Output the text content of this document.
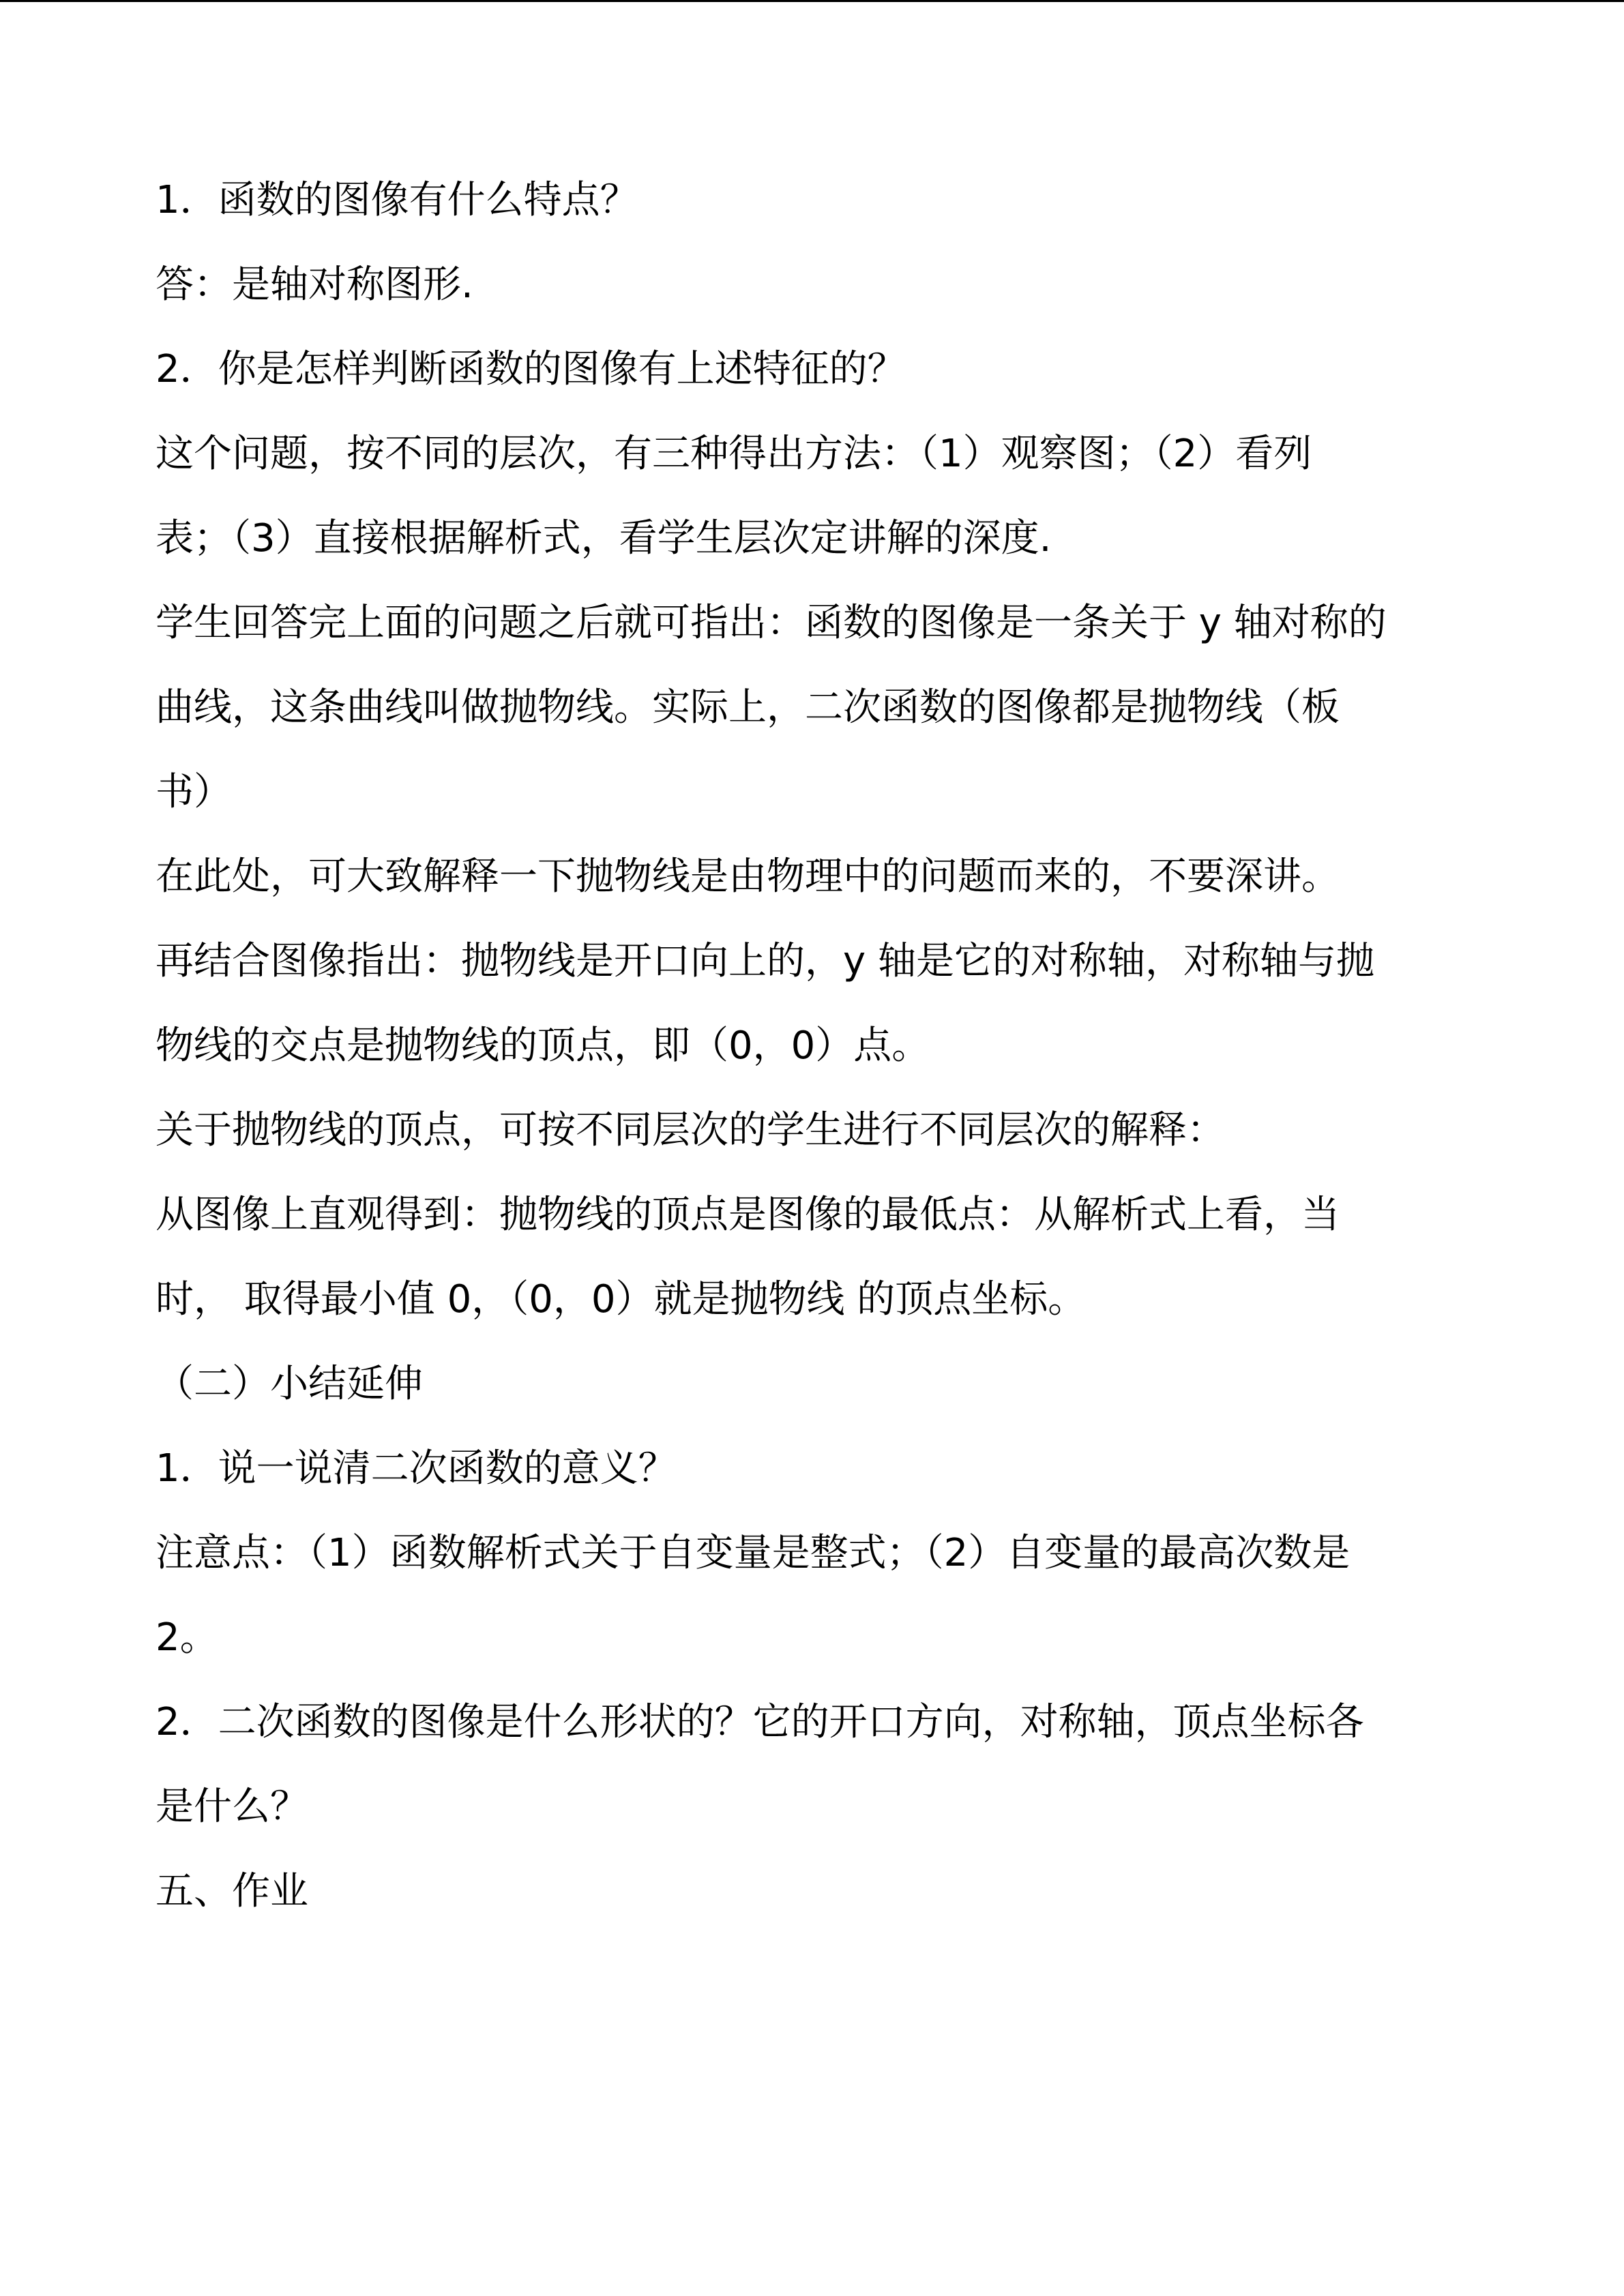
1．函数的图像有什么特点？
答：是轴对称图形.
2．你是怎样判断函数的图像有上述特征的？
这个问题，按不同的层次，有三种得出方法：（1）观察图；（2）看列
表；（3）直接根据解析式，看学生层次定讲解的深度.
学生回答完上面的问题之后就可指出：函数的图像是一条关于 y 轴对称的
曲线，这条曲线叫做抛物线。实际上，二次函数的图像都是抛物线（板
书）
在此处，可大致解释一下抛物线是由物理中的问题而来的，不要深讲。
再结合图像指出：抛物线是开口向上的，y 轴是它的对称轴，对称轴与抛
物线的交点是抛物线的顶点，即（0，0）点。
关于抛物线的顶点，可按不同层次的学生进行不同层次的解释：
从图像上直观得到：抛物线的顶点是图像的最低点：从解析式上看，当
时， 取得最小值 0，（0，0）就是抛物线 的顶点坐标。
（二）小结延伸
1．说一说清二次函数的意义？
注意点：（1）函数解析式关于自变量是整式；（2）自变量的最高次数是
2。
2．二次函数的图像是什么形状的？它的开口方向，对称轴，顶点坐标各
是什么？
五、作业
